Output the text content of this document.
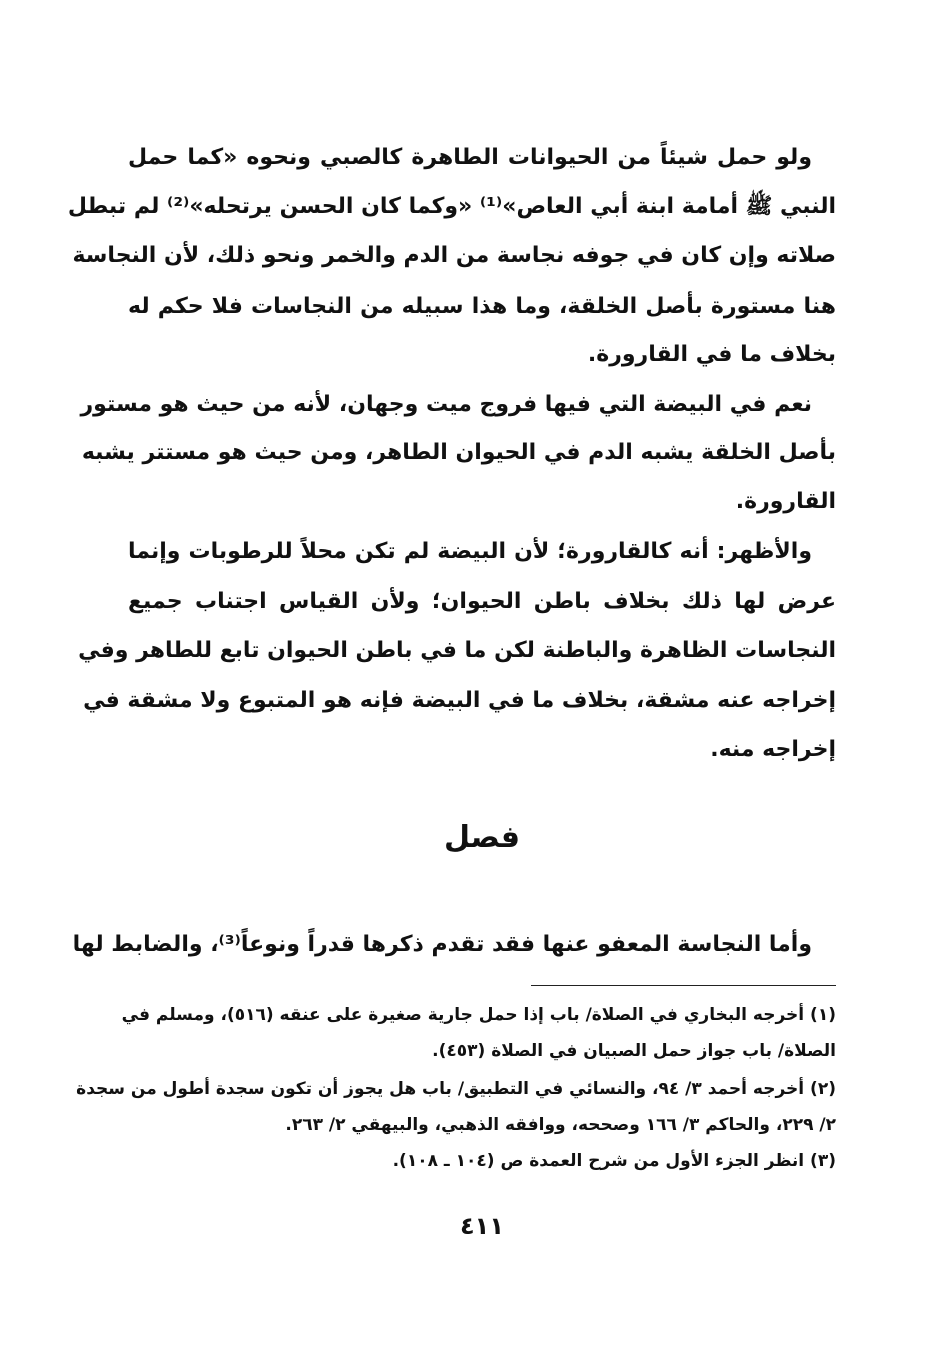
ولو حمل شيئاً من الحيوانات الطاهرة كالصبي ونحوه «كما حمل
النبي ﷺ أمامة ابنة أبي العاص»⁽¹⁾ «وكما كان الحسن يرتحله»⁽²⁾ لم تبطل
صلاته وإن كان في جوفه نجاسة من الدم والخمر ونحو ذلك، لأن النجاسة
هنا مستورة بأصل الخلقة، وما هذا سبيله من النجاسات فلا حكم له
بخلاف ما في القارورة.
نعم في البيضة التي فيها فروج ميت وجهان، لأنه من حيث هو مستور
بأصل الخلقة يشبه الدم في الحيوان الطاهر، ومن حيث هو مستتر يشبه
القارورة.
والأظهر: أنه كالقارورة؛ لأن البيضة لم تكن محلاً للرطوبات وإنما
عرض لها ذلك بخلاف باطن الحيوان؛ ولأن القياس اجتناب جميع
النجاسات الظاهرة والباطنة لكن ما في باطن الحيوان تابع للطاهر وفي
إخراجه عنه مشقة، بخلاف ما في البيضة فإنه هو المتبوع ولا مشقة في
إخراجه منه.
فصل
وأما النجاسة المعفو عنها فقد تقدم ذكرها قدراً ونوعاً⁽³⁾، والضابط لها
(١) أخرجه البخاري في الصلاة/ باب إذا حمل جارية صغيرة على عنقه (٥١٦)، ومسلم في
الصلاة/ باب جواز حمل الصبيان في الصلاة (٤٥٣).
(٢) أخرجه أحمد ٣/ ٩٤، والنسائي في التطبيق/ باب هل يجوز أن تكون سجدة أطول من سجدة
٢/ ٢٢٩، والحاكم ٣/ ١٦٦ وصححه، ووافقه الذهبي، والبيهقي ٢/ ٢٦٣.
(٣) انظر الجزء الأول من شرح العمدة ص (١٠٤ ـ ١٠٨).
٤١١
